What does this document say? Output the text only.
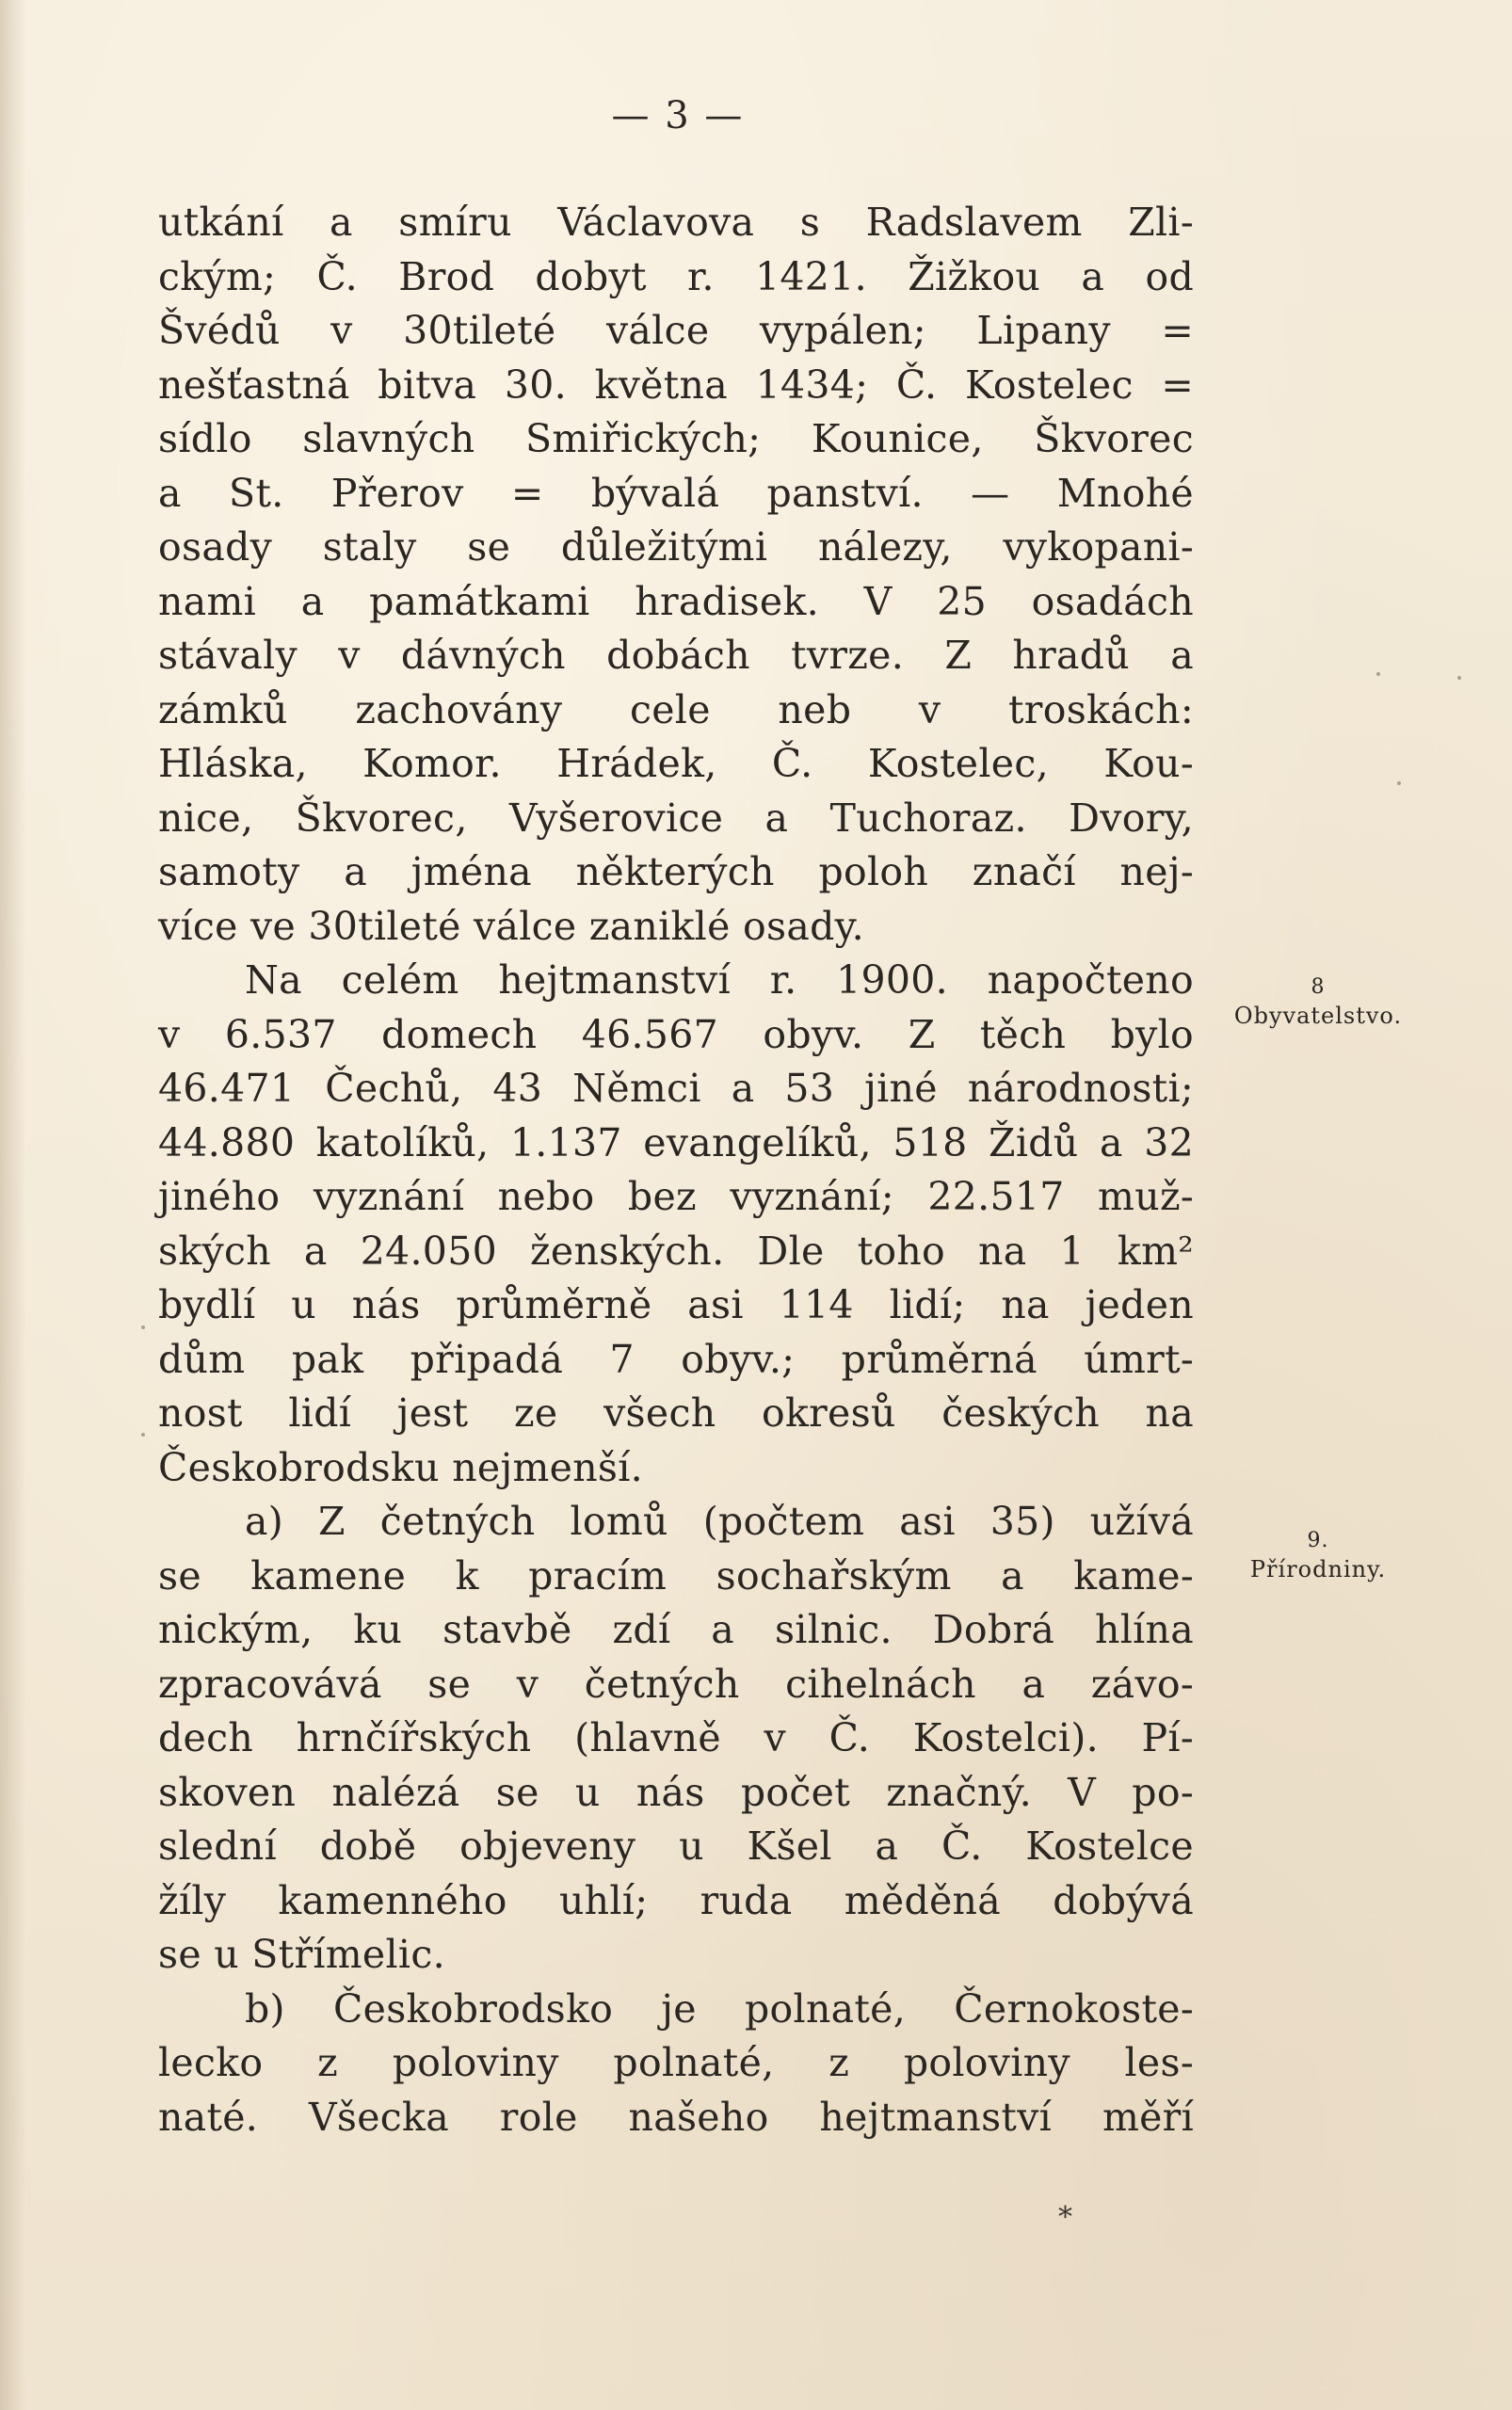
— 3 —
utkání a smíru Václavova s Radslavem Zli-
ckým; Č. Brod dobyt r. 1421. Žižkou a od
Švédů v 30tileté válce vypálen; Lipany =
nešťastná bitva 30. května 1434; Č. Kostelec =
sídlo slavných Smiřických; Kounice, Škvorec
a St. Přerov = bývalá panství. — Mnohé
osady staly se důležitými nálezy, vykopani-
nami a památkami hradisek. V 25 osadách
stávaly v dávných dobách tvrze. Z hradů a
zámků zachovány cele neb v troskách:
Hláska, Komor. Hrádek, Č. Kostelec, Kou-
nice, Škvorec, Vyšerovice a Tuchoraz. Dvory,
samoty a jména některých poloh značí nej-
více ve 30tileté válce zaniklé osady.
Na celém hejtmanství r. 1900. napočteno
v 6.537 domech 46.567 obyv. Z těch bylo
46.471 Čechů, 43 Němci a 53 jiné národnosti;
44.880 katolíků, 1.137 evangelíků, 518 Židů a 32
jiného vyznání nebo bez vyznání; 22.517 muž-
ských a 24.050 ženských. Dle toho na 1 km²
bydlí u nás průměrně asi 114 lidí; na jeden
dům pak připadá 7 obyv.; průměrná úmrt-
nost lidí jest ze všech okresů českých na
Českobrodsku nejmenší.
a) Z četných lomů (počtem asi 35) užívá
se kamene k pracím sochařským a kame-
nickým, ku stavbě zdí a silnic. Dobrá hlína
zpracovává se v četných cihelnách a závo-
dech hrnčířských (hlavně v Č. Kostelci). Pí-
skoven nalézá se u nás počet značný. V po-
slední době objeveny u Kšel a Č. Kostelce
žíly kamenného uhlí; ruda měděná dobývá
se u Střímelic.
b) Českobrodsko je polnaté, Černokoste-
lecko z poloviny polnaté, z poloviny les-
naté. Všecka role našeho hejtmanství měří
8
Obyvatelstvo.
9.
Přírodniny.
*
